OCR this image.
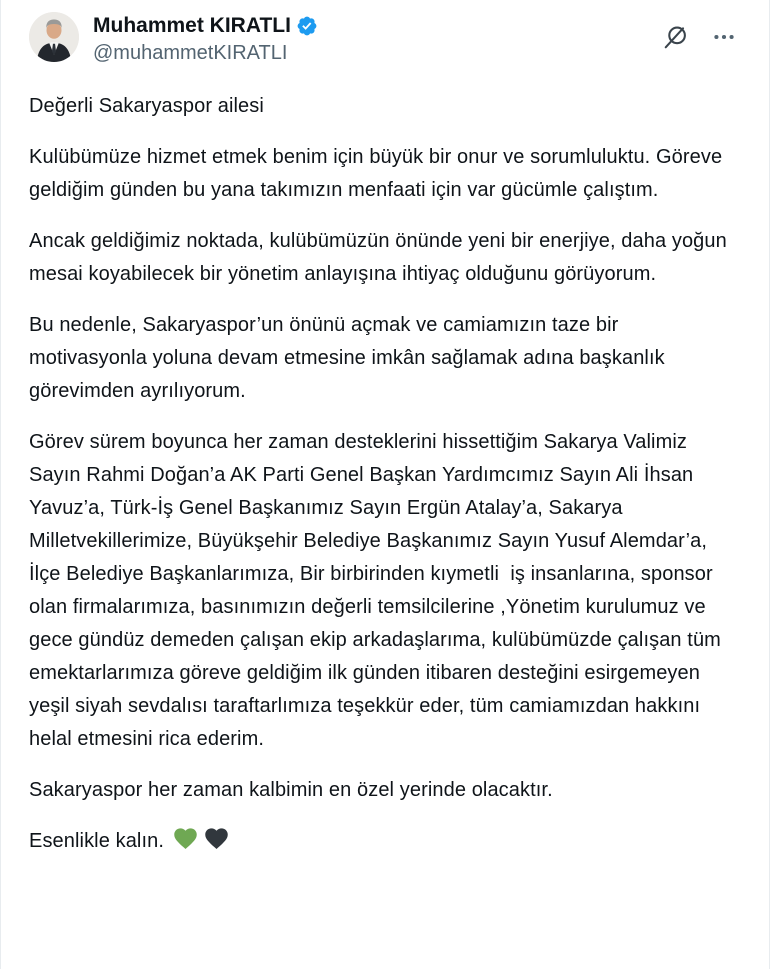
Muhammet KIRATLI
@muhammetKIRATLI

Değerli Sakaryaspor ailesi

Kulübümüze hizmet etmek benim için büyük bir onur ve sorumluluktu. Göreve geldiğim günden bu yana takımızın menfaati için var gücümle çalıştım.

Ancak geldiğimiz noktada, kulübümüzün önünde yeni bir enerjiye, daha yoğun mesai koyabilecek bir yönetim anlayışına ihtiyaç olduğunu görüyorum.

Bu nedenle, Sakaryaspor’un önünü açmak ve camiamızın taze bir motivasyonla yoluna devam etmesine imkân sağlamak adına başkanlık görevimden ayrılıyorum.

Görev sürem boyunca her zaman desteklerini hissettiğim Sakarya Valimiz Sayın Rahmi Doğan’a AK Parti Genel Başkan Yardımcımız Sayın Ali İhsan Yavuz’a, Türk-İş Genel Başkanımız Sayın Ergün Atalay’a, Sakarya Milletvekillerimize, Büyükşehir Belediye Başkanımız Sayın Yusuf Alemdar’a, İlçe Belediye Başkanlarımıza, Bir birbirinden kıymetli  iş insanlarına, sponsor olan firmalarımıza, basınımızın değerli temsilcilerine ,Yönetim kurulumuz ve gece gündüz demeden çalışan ekip arkadaşlarıma, kulübümüzde çalışan tüm emektarlarımıza göreve geldiğim ilk günden itibaren desteğini esirgemeyen yeşil siyah sevdalısı taraftarlımıza teşekkür eder, tüm camiamızdan hakkını helal etmesini rica ederim.

Sakaryaspor her zaman kalbimin en özel yerinde olacaktır.

Esenlikle kalın.
